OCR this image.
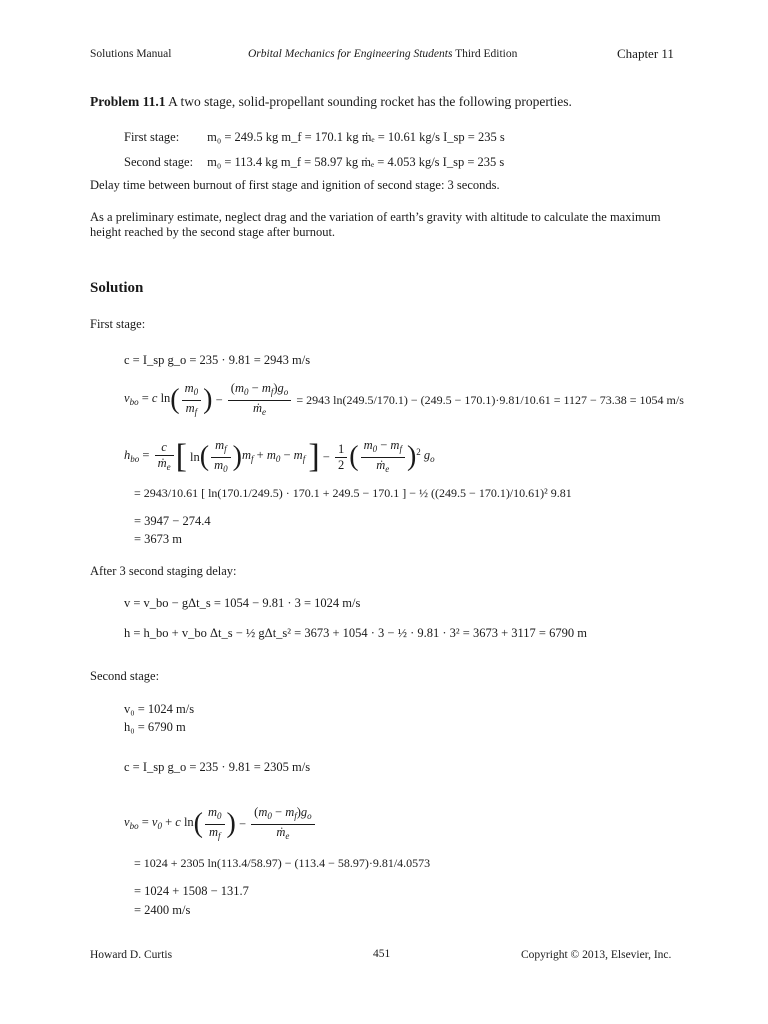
Solutions Manual	Orbital Mechanics for Engineering Students Third Edition	Chapter 11
Problem 11.1 A two stage, solid-propellant sounding rocket has the following properties.
First stage: m₀ = 249.5 kg m_f = 170.1 kg ṁₑ = 10.61 kg/s I_sp = 235 s
Second stage: m₀ = 113.4 kg m_f = 58.97 kg ṁₑ = 4.053 kg/s I_sp = 235 s
Delay time between burnout of first stage and ignition of second stage: 3 seconds.
As a preliminary estimate, neglect drag and the variation of earth’s gravity with altitude to calculate the maximum height reached by the second stage after burnout.
Solution
First stage:
c = I_sp g_o = 235 · 9.81 = 2943 m/s
$v_{bo} = c$ $\ln( \frac{m_0}{m_f}$ ) − $\frac{(m_0 - m_f)g_o}{ṁ_e} = 2943$ ln(249.5/170.1) − (249.5 − 170.1)·9.81/10.61 = 1127 − 73.38 = 1054 m/s
$h_{bo} = \frac{c}{ṁ_e}$ [ $\ln( \frac{m_f}{m_0} )m_f + m_0 - m_f$ ] − $\frac{1}{2}$ ( $\frac{m_0 - m_f}{ṁ_e} )^2$ $g_o$
= 2943/10.61 [ ln(170.1/249.5) · 170.1 + 249.5 − 170.1 ] − ½ ((249.5 − 170.1)/10.61)² 9.81
= 3947 − 274.4
= 3673 m
After 3 second staging delay:
v = v_bo − gΔt_s = 1054 − 9.81 · 3 = 1024 m/s
h = h_bo + v_bo Δt_s − ½ gΔt_s² = 3673 + 1054 · 3 − ½ · 9.81 · 3² = 3673 + 3117 = 6790 m
Second stage:
v₀ = 1024 m/s
h₀ = 6790 m
c = I_sp g_o = 235 · 9.81 = 2305 m/s
$v_{bo} = v_0 + c$ $\ln( \frac{m_0}{m_f}$ ) − $\frac{(m_0 - m_f)g_o}{ṁ_e}$
= 1024 + 2305 ln(113.4/58.97) − (113.4 − 58.97)·9.81/4.0573
= 1024 + 1508 − 131.7
= 2400 m/s
Howard D. Curtis	451	Copyright © 2013, Elsevier, Inc.
